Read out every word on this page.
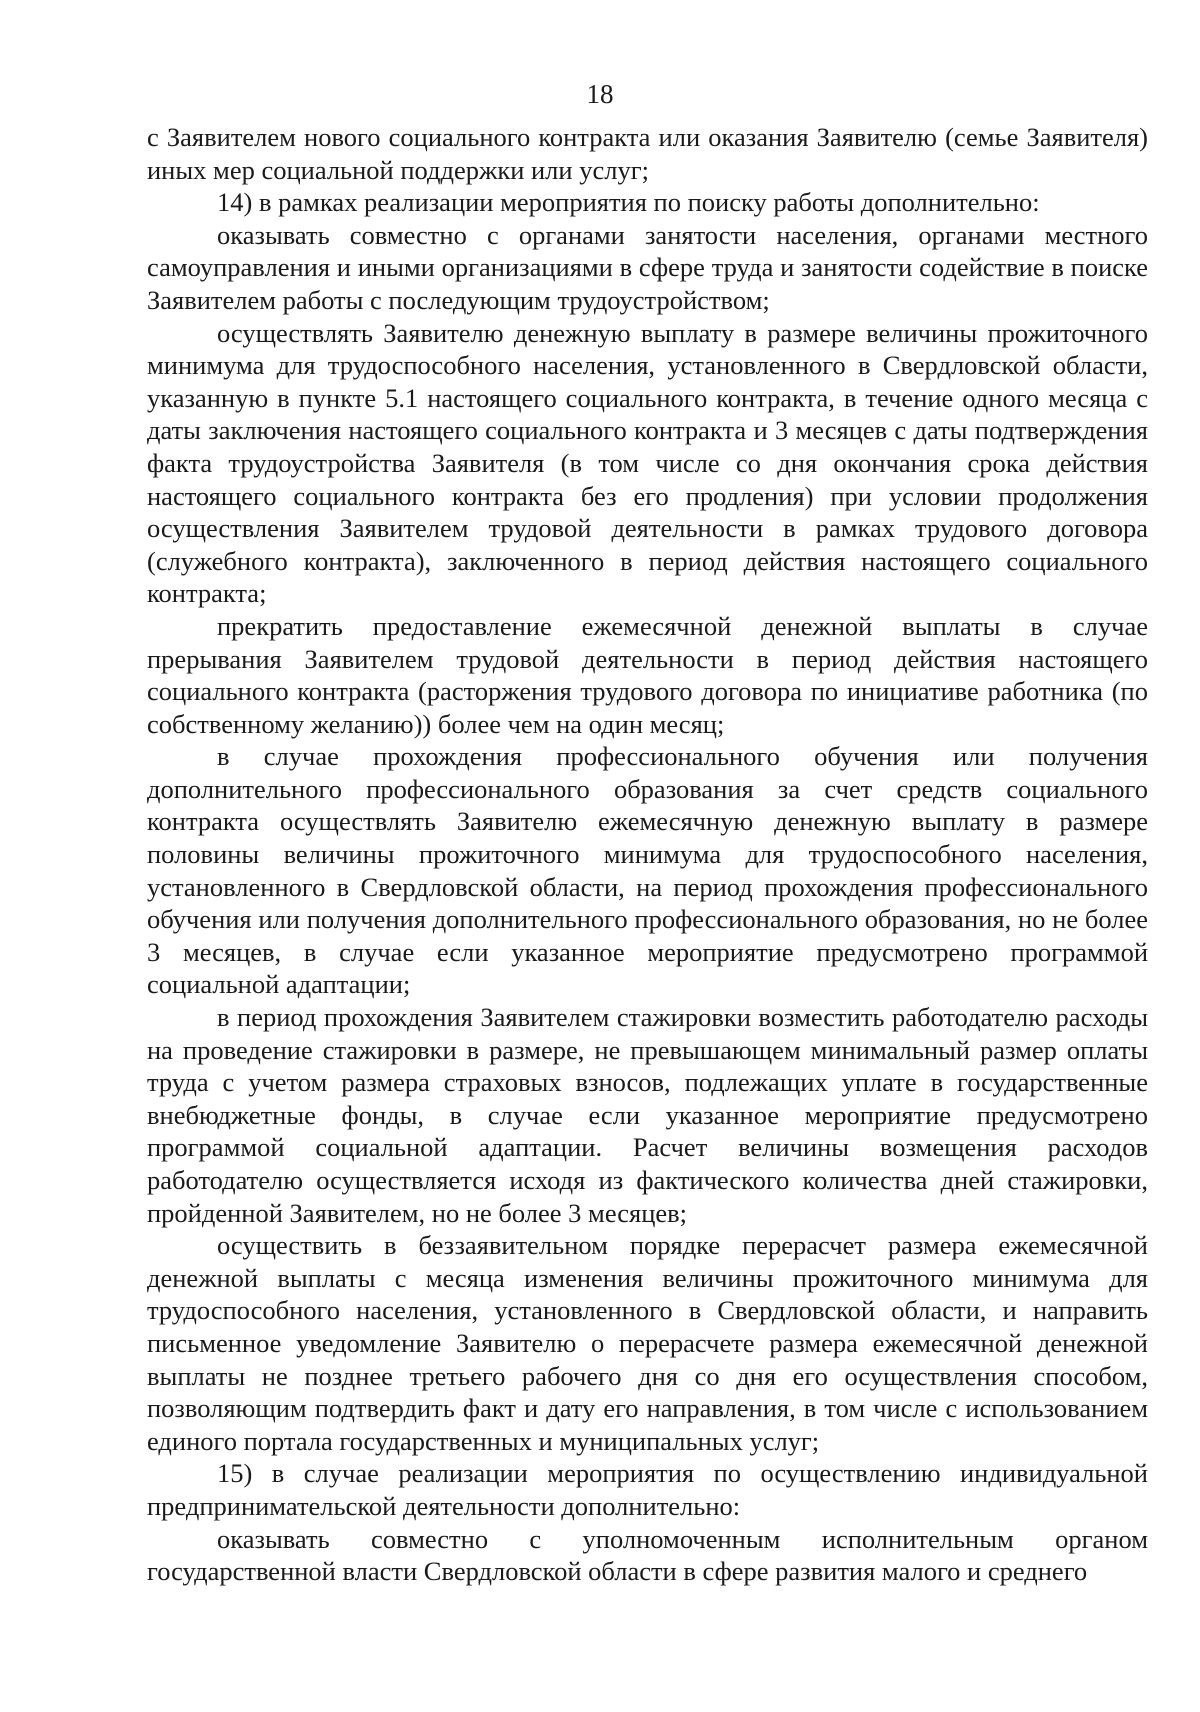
18

с Заявителем нового социального контракта или оказания Заявителю (семье Заявителя) иных мер социальной поддержки или услуг;

14) в рамках реализации мероприятия по поиску работы дополнительно:

оказывать совместно с органами занятости населения, органами местного самоуправления и иными организациями в сфере труда и занятости содействие в поиске Заявителем работы с последующим трудоустройством;

осуществлять Заявителю денежную выплату в размере величины прожиточного минимума для трудоспособного населения, установленного в Свердловской области, указанную в пункте 5.1 настоящего социального контракта, в течение одного месяца с даты заключения настоящего социального контракта и 3 месяцев с даты подтверждения факта трудоустройства Заявителя (в том числе со дня окончания срока действия настоящего социального контракта без его продления) при условии продолжения осуществления Заявителем трудовой деятельности в рамках трудового договора (служебного контракта), заключенного в период действия настоящего социального контракта;

прекратить предоставление ежемесячной денежной выплаты в случае прерывания Заявителем трудовой деятельности в период действия настоящего социального контракта (расторжения трудового договора по инициативе работника (по собственному желанию)) более чем на один месяц;

в случае прохождения профессионального обучения или получения дополнительного профессионального образования за счет средств социального контракта осуществлять Заявителю ежемесячную денежную выплату в размере половины величины прожиточного минимума для трудоспособного населения, установленного в Свердловской области, на период прохождения профессионального обучения или получения дополнительного профессионального образования, но не более 3 месяцев, в случае если указанное мероприятие предусмотрено программой социальной адаптации;

в период прохождения Заявителем стажировки возместить работодателю расходы на проведение стажировки в размере, не превышающем минимальный размер оплаты труда с учетом размера страховых взносов, подлежащих уплате в государственные внебюджетные фонды, в случае если указанное мероприятие предусмотрено программой социальной адаптации. Расчет величины возмещения расходов работодателю осуществляется исходя из фактического количества дней стажировки, пройденной Заявителем, но не более 3 месяцев;

осуществить в беззаявительном порядке перерасчет размера ежемесячной денежной выплаты с месяца изменения величины прожиточного минимума для трудоспособного населения, установленного в Свердловской области, и направить письменное уведомление Заявителю о перерасчете размера ежемесячной денежной выплаты не позднее третьего рабочего дня со дня его осуществления способом, позволяющим подтвердить факт и дату его направления, в том числе с использованием единого портала государственных и муниципальных услуг;

15) в случае реализации мероприятия по осуществлению индивидуальной предпринимательской деятельности дополнительно:

оказывать совместно с уполномоченным исполнительным органом государственной власти Свердловской области в сфере развития малого и среднего
